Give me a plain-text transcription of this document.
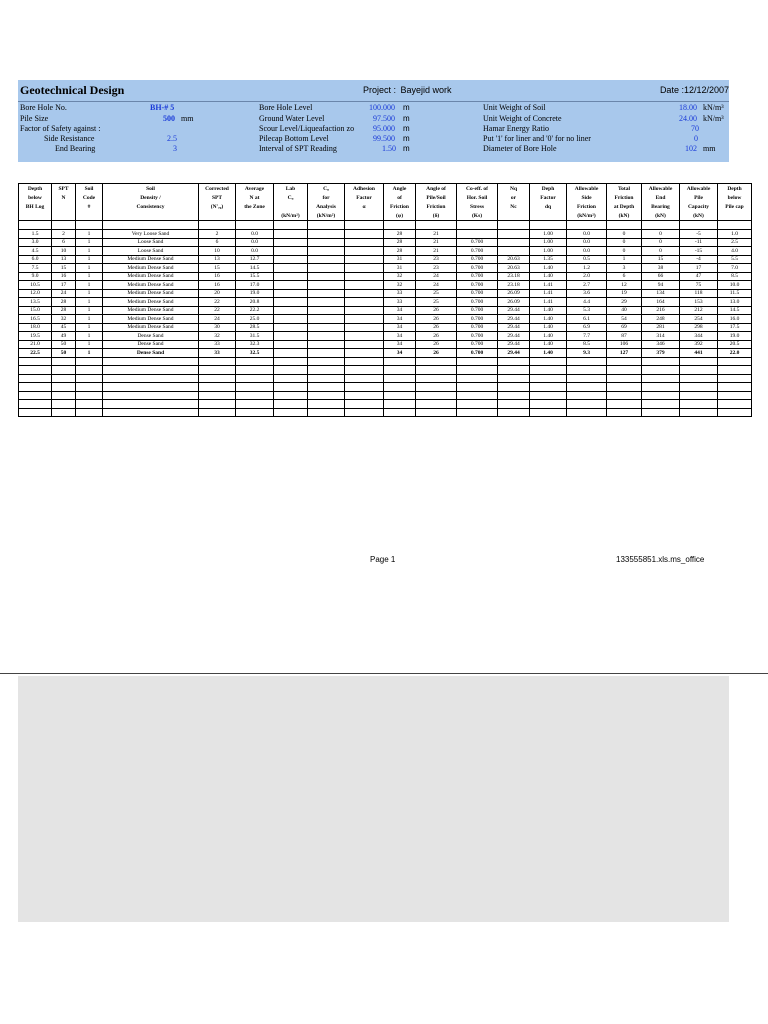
Geotechnical Design	Project : Bayejid work	Date :12/12/2007
Bore Hole No.	BH-# 5	Bore Hole Level	100.000 m	Unit Weight of Soil	18.00 kN/m³
Pile Size	500 mm	Ground Water Level	97.500 m	Unit Weight of Concrete	24.00 kN/m³
Factor of Safety against :	Scour Level/Liqueafaction zo 95.000 m	Hamar Energy Ratio	70
Side Resistance	2.5	Pilecap Bottom Level	99.500 m	Put '1' for liner and '0' for no liner	0
End Bearing	3	Interval of SPT Reading	1.50 m	Diameter of Bore Hole	102 mm
Depth	SPT	Soil	Soil	Corrected	Average	Lab	Cᵤ	Adhesion	Angle	Angle of	Co-eff. of	Nq	Deph	Allowable	Total	Allowable	Allowable	Depth
below	N	Code	Density /	SPT	N at	Cᵤ	for	Factor	of	Pile/Soil	Hor. Soil	or	Factor	Side	Friction	End	Pile	below
BH Log		#	Consistency	(N'₇₀)	the Zone		Analysis	α	Friction	Friction	Stress	Nc	dq	Friction	at Depth	Bearing	Capacity	Pile cap
						(kN/m²)	(kN/m²)		(φ)	(δ)	(Ks)			(kN/m²)	(kN)	(kN)	(kN)	

1.5	2	1	Very Loose Sand	2	0.0				28	21			1.00	0.0	0	0	-5	1.0
3.0	6	1	Loose Sand	6	0.0				28	21	0.700		1.00	0.0	0	0	-11	2.5
4.5	10	1	Loose Sand	10	0.0				28	21	0.700		1.00	0.0	0	0	-15	4.0
6.0	13	1	Medium Dense Sand	13	12.7				31	23	0.700	20.63	1.35	0.5	1	15	-4	5.5
7.5	15	1	Medium Dense Sand	15	14.5				31	23	0.700	20.63	1.40	1.2	3	38	17	7.0
9.0	16	1	Medium Dense Sand	16	15.5				32	24	0.700	23.18	1.40	2.0	6	66	47	8.5
10.5	17	1	Medium Dense Sand	16	17.0				32	24	0.700	23.18	1.41	2.7	12	94	75	10.0
12.0	24	1	Medium Dense Sand	20	19.0				33	25	0.700	26.09	1.41	3.6	19	134	118	11.5
13.5	28	1	Medium Dense Sand	22	20.8				33	25	0.700	26.09	1.41	4.4	29	164	153	13.0
15.0	28	1	Medium Dense Sand	22	22.2				34	26	0.700	29.44	1.40	5.3	40	216	212	14.5
16.5	32	1	Medium Dense Sand	24	25.0				34	26	0.700	29.44	1.40	6.1	54	248	254	16.0
18.0	45	1	Medium Dense Sand	30	28.5				34	26	0.700	29.44	1.40	6.9	69	281	298	17.5
19.5	49	1	Dense Sand	32	31.5				34	26	0.700	29.44	1.40	7.7	87	314	344	19.0
21.0	50	1	Dense Sand	33	32.3				34	26	0.700	29.44	1.40	8.5	106	346	392	20.5
22.5	50	1	Dense Sand	33	32.5				34	26	0.700	29.44	1.40	9.3	127	379	441	22.0

Page 1	133555851.xls.ms_office
